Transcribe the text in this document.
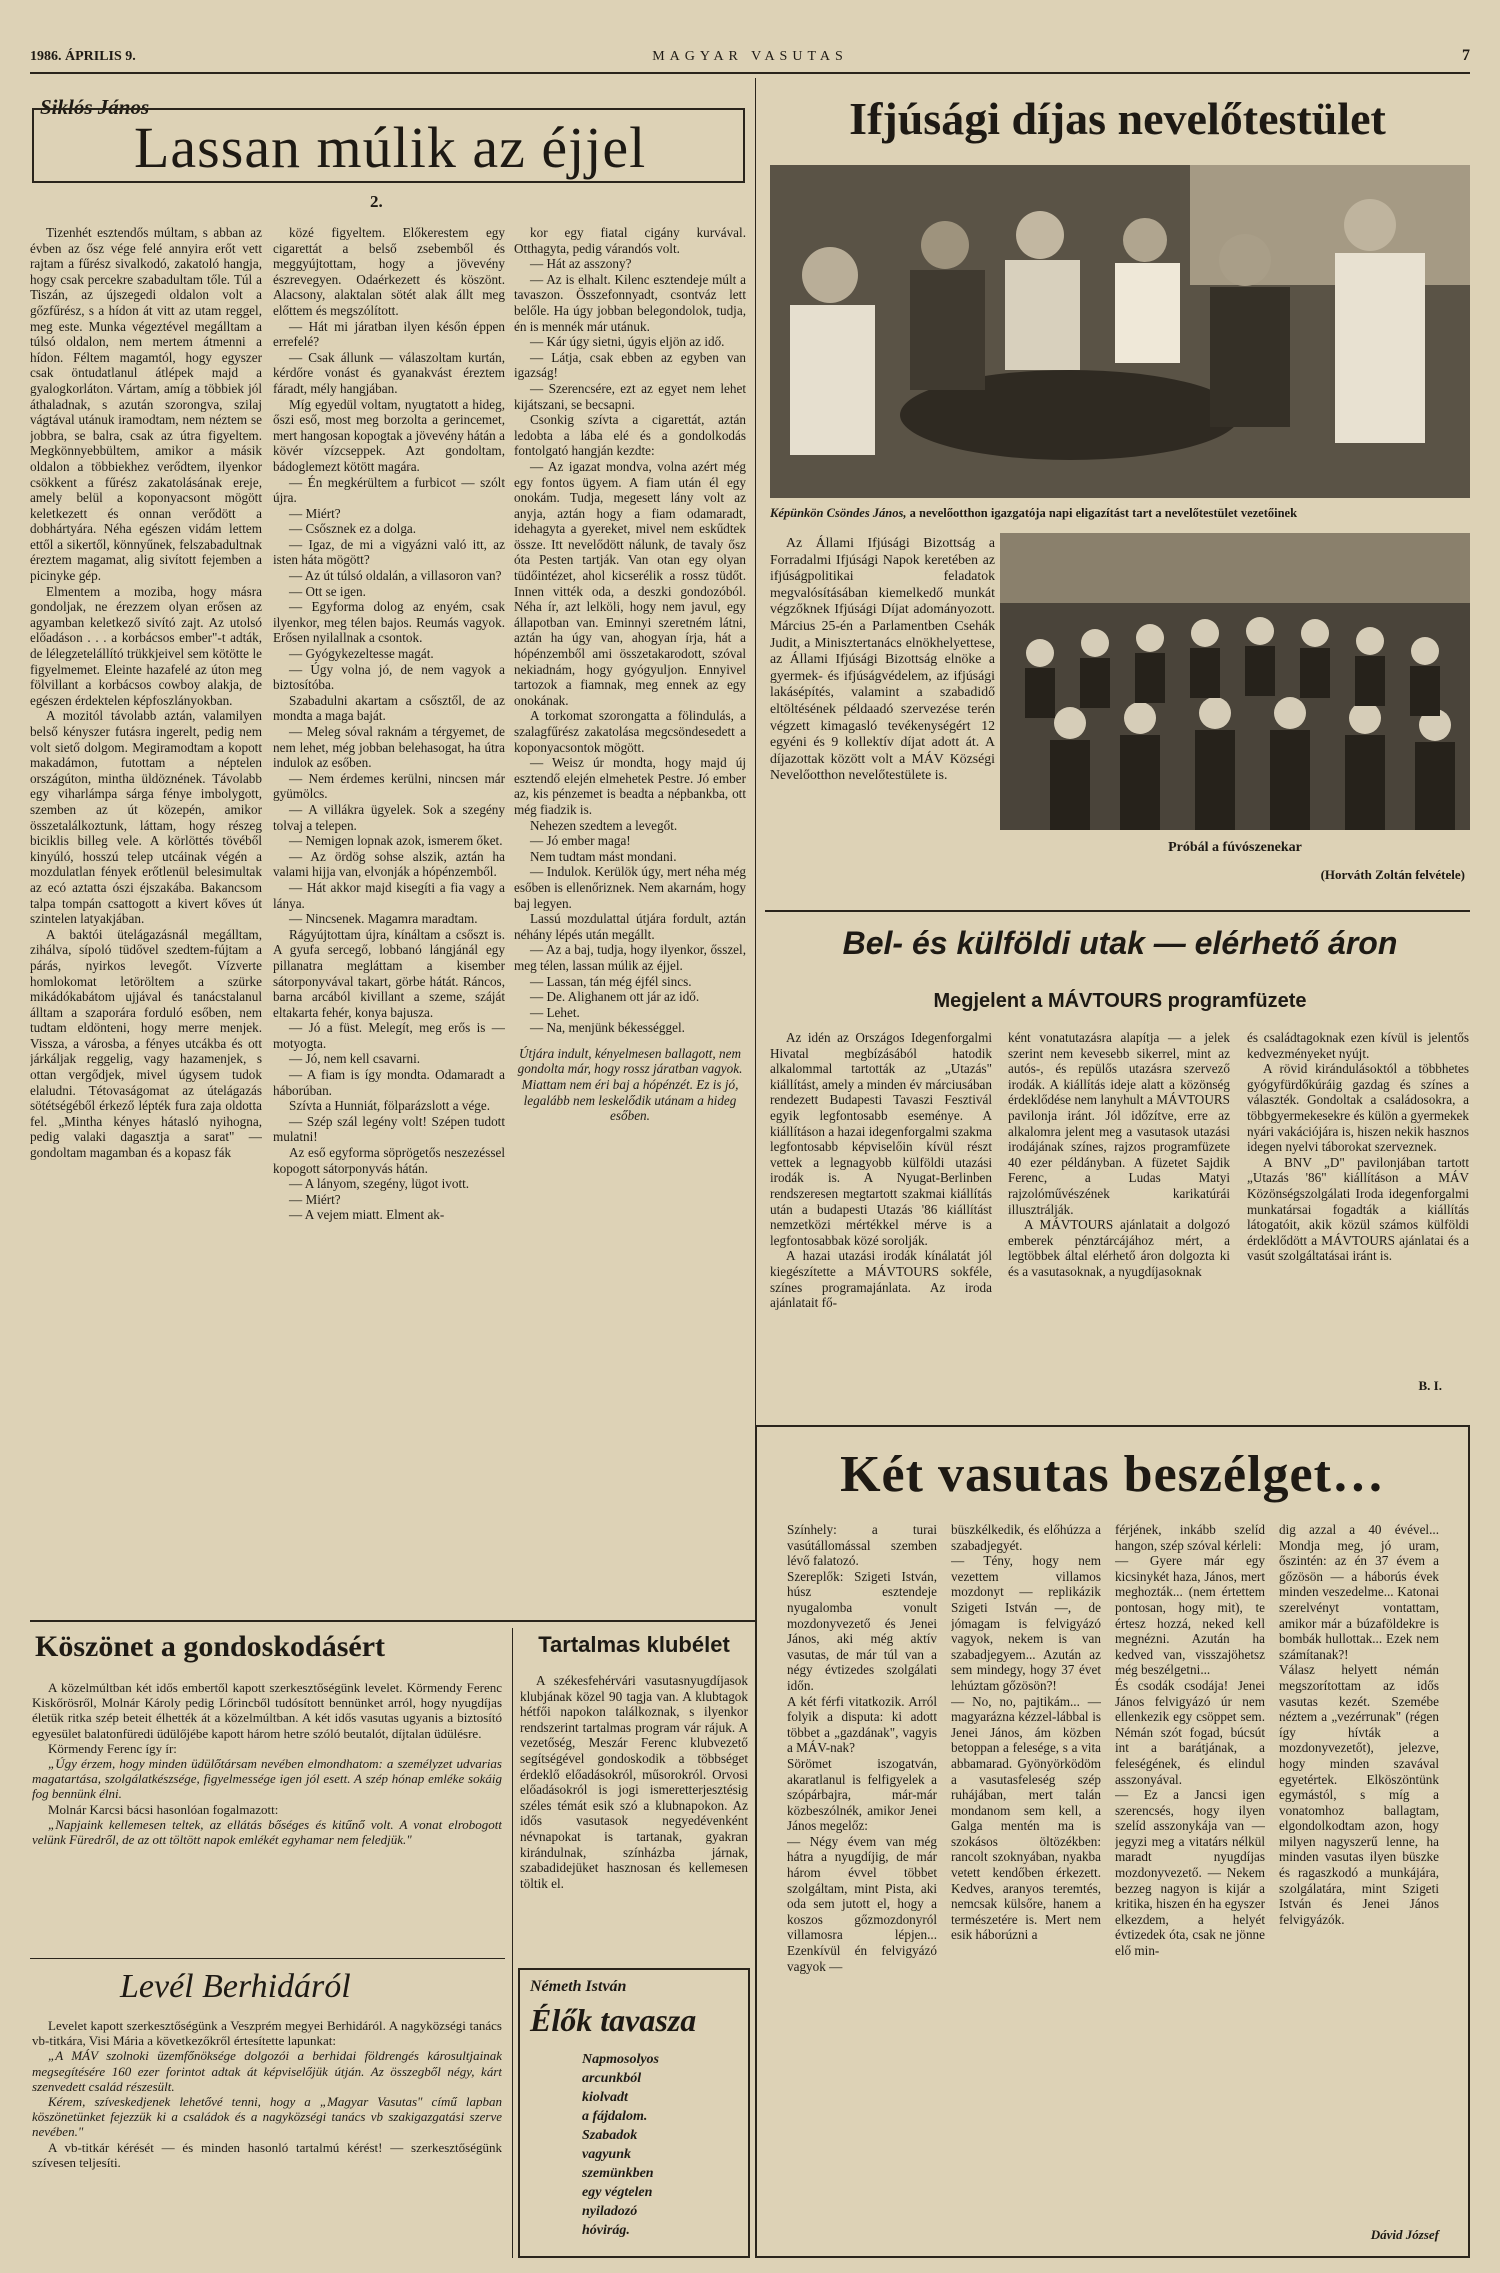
1986. ÁPRILIS 9.	MAGYAR VASUTAS	7
Siklós János
Lassan múlik az éjjel
2.

Tizenhét esztendős múltam, s abban az évben az ősz vége felé annyira erőt vett rajtam a fűrész sivalkodó, zakatoló hangja, hogy csak percekre szabadultam tőle. Túl a Tiszán, az újszegedi oldalon volt a gőzfűrész, s a hídon át vitt az utam reggel, meg este. Munka végeztével megálltam a túlsó oldalon, nem mertem átmenni a hídon. Féltem magamtól, hogy egyszer csak öntudatlanul átlépek majd a gyalogkorláton. Vártam, amíg a többiek jól áthaladnak, s azután szorongva, szilaj vágtával utánuk iramodtam, nem néztem se jobbra, se balra, csak az útra figyeltem. Megkönnyebbültem, amikor a másik oldalon a többiekhez verődtem, ilyenkor csökkent a fűrész zakatolásának ereje, amely belül a koponyacsont mögött keletkezett és onnan verődött a dobhártyára. Néha egészen vidám lettem ettől a sikertől, könnyűnek, felszabadultnak éreztem magamat, alig sivított fejemben a picinyke gép.

Elmentem a moziba, hogy másra gondoljak, ne érezzem olyan erősen az agyamban keletkező sivító zajt. Az utolsó előadáson . . . a korbácsos ember"-t adták, de lélegzetelállító trükkjeivel sem kötötte le figyelmemet. Eleinte hazafelé az úton meg fölvillant a korbácsos cowboy alakja, de egészen érdektelen képfoszlányokban.

A mozitól távolabb aztán, valamilyen belső kényszer futásra ingerelt, pedig nem volt siető dolgom. Megiramodtam a kopott makadámon, futottam a néptelen országúton, mintha üldöznének. Távolabb egy viharlámpa sárga fénye imbolygott, szemben az út közepén, amikor összetalálkoztunk, láttam, hogy részeg biciklis billeg vele. A körlöttés tövéből kinyúló, hosszú telep utcáinak végén a mozdulatlan fények erőtlenül belesimultak az ecó aztatta ószi éjszakába. Bakancsom talpa tompán csattogott a kivert kőves út szintelen latyakjában.

A baktói ütelágazásnál megálltam, zihálva, sípoló tüdővel szedtem-fújtam a párás, nyirkos levegőt. Vízverte homlokomat letöröltem a szürke mikádókabátom ujjával és tanácstalanul álltam a szaporára forduló esőben, nem tudtam eldönteni, hogy merre menjek. Vissza, a városba, a fényes utcákba és ott járkáljak reggelig, vagy hazamenjek, s ottan vergődjek, mivel úgysem tudok elaludni. Tétovaságomat az útelágazás sötétségéből érkező lépték fura zaja oldotta fel. „Mintha kényes hátasló nyihogna, pedig valaki dagasztja a sarat" — gondoltam magamban és a kopasz fák

közé figyeltem. Előkerestem egy cigarettát a belső zsebemből és meggyújtottam, hogy a jövevény észrevegyen. Odaérkezett és köszönt. Alacsony, alaktalan sötét alak állt meg előttem és megszólított.

— Hát mi járatban ilyen későn éppen errefelé?

— Csak állunk — válaszoltam kurtán, kérdőre vonást és gyanakvást éreztem fáradt, mély hangjában.

Míg egyedül voltam, nyugtatott a hideg, őszi eső, most meg borzolta a gerincemet, mert hangosan kopogtak a jövevény hátán a kövér vízcseppek. Azt gondoltam, bádoglemezt kötött magára.

— Én megkérültem a furbicot — szólt újra.

— Miért?

— Csősznek ez a dolga.

— Igaz, de mi a vigyázni való itt, az isten háta mögött?

— Az út túlsó oldalán, a villasoron van?

— Ott se igen.

— Egyforma dolog az enyém, csak ilyenkor, meg télen bajos. Reumás vagyok. Erősen nyilallnak a csontok.

— Gyógykezeltesse magát.

— Úgy volna jó, de nem vagyok a biztosítóba.

Szabadulni akartam a csősztől, de az mondta a maga baját.

— Meleg sóval raknám a térgyemet, de nem lehet, még jobban belehasogat, ha útra indulok az esőben.

— Nem érdemes kerülni, nincsen már gyümölcs.

— A villákra ügyelek. Sok a szegény tolvaj a telepen.

— Nemigen lopnak azok, ismerem őket.

— Az ördög sohse alszik, aztán ha valami hijja van, elvonják a hópénzemből.

— Hát akkor majd kisegíti a fia vagy a lánya.

— Nincsenek. Magamra maradtam.

Rágyújtottam újra, kínáltam a csőszt is. A gyufa sercegő, lobbanó lángjánál egy pillanatra megláttam a kisember sátorponyvával takart, görbe hátát. Ráncos, barna arcából kivillant a szeme, száját eltakarta fehér, konya bajusza.

— Jó a füst. Melegít, meg erős is — motyogta.

— Jó, nem kell csavarni.

— A fiam is így mondta. Odamaradt a háborúban.

Szívta a Hunniát, fölparázslott a vége.

— Szép szál legény volt! Szépen tudott mulatni!

Az eső egyforma söprögetős neszezéssel kopogott sátorponyvás hátán.

— A lányom, szegény, lügot ivott.

— Miért?

— A vejem miatt. Elment ak-

kor egy fiatal cigány kurvával. Otthagyta, pedig várandós volt.

— Hát az asszony?

— Az is elhalt. Kilenc esztendeje múlt a tavaszon. Összefonnyadt, csontváz lett belőle. Ha úgy jobban belegondolok, tudja, én is mennék már utánuk.

— Kár úgy sietni, úgyis eljön az idő.

— Látja, csak ebben az egyben van igazság!

— Szerencsére, ezt az egyet nem lehet kijátszani, se becsapni.

Csonkig szívta a cigarettát, aztán ledobta a lába elé és a gondolkodás fontolgató hangján kezdte:

— Az igazat mondva, volna azért még egy fontos ügyem. A fiam után él egy onokám. Tudja, megesett lány volt az anyja, aztán hogy a fiam odamaradt, idehagyta a gyereket, mivel nem eskűdtek össze. Itt nevelődött nálunk, de tavaly ősz óta Pesten tartják. Van otan egy olyan tüdőintézet, ahol kicserélik a rossz tüdőt. Innen vitték oda, a deszki gondozóból. Néha ír, azt lelköli, hogy nem javul, egy állapotban van. Eminnyi szeretném látni, aztán ha úgy van, ahogyan írja, hát a hópénzemből ami összetakarodott, szóval nekiadnám, hogy gyógyuljon. Ennyivel tartozok a fiamnak, meg ennek az egy onokának.

A torkomat szorongatta a fölindulás, a szalagfűrész zakatolása megcsöndesedett a koponyacsontok mögött.

— Weisz úr mondta, hogy majd új esztendő elején elmehetek Pestre. Jó ember az, kis pénzemet is beadta a népbankba, ott még fiadzik is.

Nehezen szedtem a levegőt.

— Jó ember maga!

Nem tudtam mást mondani.

— Indulok. Kerülök úgy, mert néha még esőben is ellenőriznek. Nem akarnám, hogy baj legyen.

Lassú mozdulattal útjára fordult, aztán néhány lépés után megállt.

— Az a baj, tudja, hogy ilyenkor, ősszel, meg télen, lassan múlik az éjjel.

— Lassan, tán még éjfél sincs.

— De. Alighanem ott jár az idő.

— Lehet.

— Na, menjünk békességgel.

Útjára indult, kényelmesen ballagott, nem gondolta már, hogy rossz járatban vagyok. Miattam nem éri baj a hópénzét. Ez is jó, legalább nem leskelődik utánam a hideg esőben.

Ifjúsági díjas nevelőtestület
Képünkön Csöndes János, a nevelőotthon igazgatója napi eligazítást tart a nevelőtestület vezetőinek

Az Állami Ifjúsági Bizottság a Forradalmi Ifjúsági Napok keretében az ifjúságpolitikai feladatok megvalósításában kiemelkedő munkát végzőknek Ifjúsági Díjat adományozott. Március 25-én a Parlamentben Csehák Judit, a Minisztertanács elnökhelyettese, az Állami Ifjúsági Bizottság elnöke a gyermek- és ifjúságvédelem, az ifjúsági lakásépítés, valamint a szabadidő eltöltésének példaadó szervezése terén végzett kimagasló tevékenységért 12 egyéni és 9 kollektív díjat adott át. A díjazottak között volt a MÁV Községi Nevelőotthon nevelőtestülete is.

Próbál a fúvószenekar
(Horváth Zoltán felvétele)
Bel- és külföldi utak — elérhető áron
Megjelent a MÁVTOURS programfüzete

Az idén az Országos Idegenforgalmi Hivatal megbízásából hatodik alkalommal tartották az „Utazás" kiállítást, amely a minden év márciusában rendezett Budapesti Tavaszi Fesztivál egyik legfontosabb eseménye. A kiállításon a hazai idegenforgalmi szakma legfontosabb képviselőin kívül részt vettek a legnagyobb külföldi utazási irodák is. A Nyugat-Berlinben rendszeresen megtartott szakmai kiállítás után a budapesti Utazás '86 kiállítást nemzetközi mértékkel mérve is a legfontosabbak közé sorolják.

A hazai utazási irodák kínálatát jól kiegészítette a MÁVTOURS sokféle, színes programajánlata. Az iroda ajánlatait fő-

ként vonatutazásra alapítja — a jelek szerint nem kevesebb sikerrel, mint az autós-, és repülős utazásra szervező irodák. A kiállítás ideje alatt a közönség érdeklődése nem lanyhult a MÁVTOURS pavilonja iránt. Jól időzítve, erre az alkalomra jelent meg a vasutasok utazási irodájának színes, rajzos programfüzete 40 ezer példányban. A füzetet Sajdik Ferenc, a Ludas Matyi rajzolóművészének karikatúrái illusztrálják.

A MÁVTOURS ajánlatait a dolgozó emberek pénztárcájához mért, a legtöbbek által elérhető áron dolgozta ki és a vasutasoknak, a nyugdíjasoknak

és családtagoknak ezen kívül is jelentős kedvezményeket nyújt.

A rövid kirándulásoktól a többhetes gyógyfürdőkúráig gazdag és színes a választék. Gondoltak a családosokra, a többgyermekesekre és külön a gyermekek nyári vakációjára is, hiszen nekik hasznos idegen nyelvi táborokat szerveznek.

A BNV „D" pavilonjában tartott „Utazás '86" kiállításon a MÁV Közönségszolgálati Iroda idegenforgalmi munkatársai fogadták a kiállítás látogatóit, akik közül számos külföldi érdeklődött a MÁVTOURS ajánlatai és a vasút szolgáltatásai iránt is.

B. I.
Két vasutas beszélget…
Színhely: a turai vasútállomással szemben lévő falatozó.
Szereplők: Szigeti István, húsz esztendeje nyugalomba vonult mozdonyvezető és Jenei János, aki még aktív vasutas, de már túl van a négy évtizedes szolgálati időn.
A két férfi vitatkozik. Arról folyik a disputa: ki adott többet a „gazdának", vagyis a MÁV-nak?
Sörömet iszogatván, akaratlanul is felfigyelek a szópárbajra, már-már közbeszólnék, amikor Jenei János megelőz:
— Négy évem van még hátra a nyugdíjig, de már három évvel többet szolgáltam, mint Pista, aki oda sem jutott el, hogy a koszos gőzmozdonyról villamosra lépjen... Ezenkívül én felvigyázó vagyok —
büszkélkedik, és előhúzza a szabadjegyét.
— Tény, hogy nem vezettem villamos mozdonyt — replikázik Szigeti István —, de jómagam is felvigyázó vagyok, nekem is van szabadjegyem... Azután az sem mindegy, hogy 37 évet lehúztam gőzösön?!
— No, no, pajtikám... — magyarázna kézzel-lábbal is Jenei János, ám közben betoppan a felesége, s a vita abbamarad. Gyönyörködöm a vasutasfeleség szép ruhájában, mert talán mondanom sem kell, a Galga mentén ma is szokásos öltözékben: rancolt szoknyában, nyakba vetett kendőben érkezett. Kedves, aranyos teremtés, nemcsak külsőre, hanem a természetére is. Mert nem esik háborúzni a
férjének, inkább szelíd hangon, szép szóval kérleli:
— Gyere már egy kicsinykét haza, János, mert meghozták... (nem értettem pontosan, hogy mit), te értesz hozzá, neked kell megnézni. Azután ha kedved van, visszajöhetsz még beszélgetni...
És csodák csodája! Jenei János felvigyázó úr nem ellenkezik egy csöppet sem. Némán szót fogad, búcsút int a barátjának, a feleségének, és elindul asszonyával.
— Ez a Jancsi igen szerencsés, hogy ilyen szelíd asszonykája van — jegyzi meg a vitatárs nélkül maradt nyugdíjas mozdonyvezető. — Nekem bezzeg nagyon is kijár a kritika, hiszen én ha egyszer elkezdem, a helyét évtizedek óta, csak ne jönne elő min-
dig azzal a 40 évével... Mondja meg, jó uram, őszintén: az én 37 évem a gőzösön — a háborús évek minden veszedelme... Katonai szerelvényt vontattam, amikor már a búzaföldekre is bombák hullottak... Ezek nem számítanak?!
Válasz helyett némán megszorítottam az idős vasutas kezét. Szemébe néztem a „vezérrunak" (régen így hívták a mozdonyvezetőt), jelezve, hogy minden szavával egyetértek. Elköszöntünk egymástól, s míg a vonatomhoz ballagtam, elgondolkodtam azon, hogy milyen nagyszerű lenne, ha minden vasutas ilyen büszke és ragaszkodó a munkájára, szolgálatára, mint Szigeti István és Jenei János felvigyázók.
Dávid József
Köszönet a gondoskodásért

A közelmúltban két idős embertől kapott szerkesztőségünk levelet. Körmendy Ferenc Kiskőrösről, Molnár Károly pedig Lőrincből tudósított bennünket arról, hogy nyugdíjas életük ritka szép beteit élhették át a közelmúltban. A két idős vasutas ugyanis a biztosító egyesület balatonfüredi üdülőjébe kapott három hetre szóló beutalót, díjtalan üdülésre.

Körmendy Ferenc így ír:

„Úgy érzem, hogy minden üdülőtársam nevében elmondhatom: a személyzet udvarias magatartása, szolgálatkészsége, figyelmessége igen jól esett. A szép hónap emléke sokáig fog bennünk élni.

Molnár Karcsi bácsi hasonlóan fogalmazott:

„Napjaink kellemesen teltek, az ellátás bőséges és kitűnő volt. A vonat elrobogott velünk Füredről, de az ott töltött napok emlékét egyhamar nem feledjük."

Levél Berhidáról

Levelet kapott szerkesztőségünk a Veszprém megyei Berhidáról. A nagyközségi tanács vb-titkára, Visi Mária a következőkről értesítette lapunkat:

„A MÁV szolnoki üzemfőnöksége dolgozói a berhidai földrengés károsultjainak megsegítésére 160 ezer forintot adtak át képviselőjük útján. Az összegből négy, kárt szenvedett család részesült.

Kérem, szíveskedjenek lehetővé tenni, hogy a „Magyar Vasutas" című lapban köszönetünket fejezzük ki a családok és a nagyközségi tanács vb szakigazgatási szerve nevében."

A vb-titkár kérését — és minden hasonló tartalmú kérést! — szerkesztőségünk szívesen teljesíti.

Tartalmas klubélet

A székesfehérvári vasutasnyugdíjasok klubjának közel 90 tagja van. A klubtagok hétfői napokon találkoznak, s ilyenkor rendszerint tartalmas program vár rájuk. A vezetőség, Meszár Ferenc klubvezető segítségével gondoskodik a többséget érdeklő előadásokról, műsorokról. Orvosi előadásokról is jogi ismeretterjesztésig széles témát esik szó a klubnapokon. Az idős vasutasok negyedévenként névnapokat is tartanak, gyakran kirándulnak, színházba járnak, szabadidejüket hasznosan és kellemesen töltik el.

Németh István
Élők tavasza
Napmosolyos
arcunkból
kiolvadt
a fájdalom.
Szabadok
vagyunk
szemünkben
egy végtelen
nyiladozó
hóvirág.
